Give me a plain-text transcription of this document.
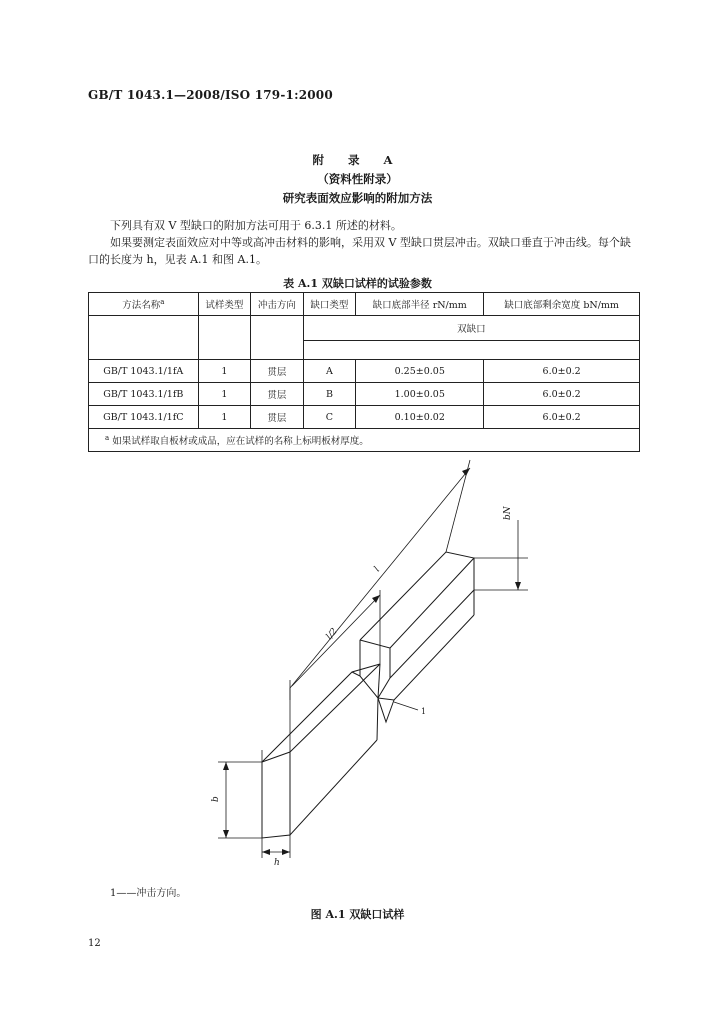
GB/T 1043.1—2008/ISO 179-1:2000
附 录 A
（资料性附录）
研究表面效应影响的附加方法
下列具有双 V 型缺口的附加方法可用于 6.3.1 所述的材料。
如果要测定表面效应对中等或高冲击材料的影响，采用双 V 型缺口贯层冲击。双缺口垂直于冲击线。每个缺口的长度为 h，见表 A.1 和图 A.1。
表 A.1 双缺口试样的试验参数
方法名称$^a$	试样类型	冲击方向	缺口类型	缺口底部半径 rN/mm	缺口底部剩余宽度 bN/mm
			双缺口		

GB/T 1043.1/1fA	1	贯层	A	0.25±0.05	6.0±0.2
GB/T 1043.1/1fB	1	贯层	B	1.00±0.05	6.0±0.2
GB/T 1043.1/1fC	1	贯层	C	0.10±0.02	6.0±0.2
$^a$ 如果试样取自板材或成品，应在试样的名称上标明板材厚度。					
l
l/2
bN
b
h
1
1——冲击方向。
图 A.1 双缺口试样
12
